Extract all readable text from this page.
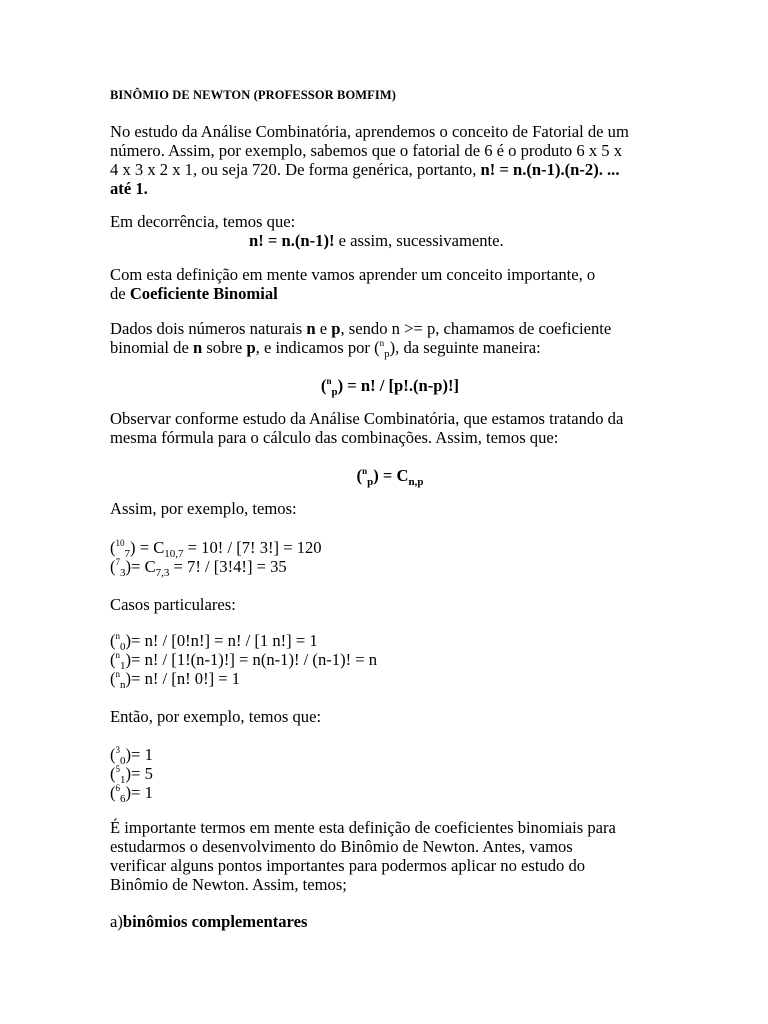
BINÔMIO DE NEWTON (PROFESSOR BOMFIM)
No estudo da Análise Combinatória, aprendemos o conceito de Fatorial de um
número. Assim, por exemplo, sabemos que o fatorial de 6 é o produto 6 x 5 x
4 x 3 x 2 x 1, ou seja 720. De forma genérica, portanto, n! = n.(n-1).(n-2). ...
até 1.
Em decorrência, temos que:
n! = n.(n-1)! e assim, sucessivamente.
Com esta definição em mente vamos aprender um conceito importante, o
de Coeficiente Binomial
Dados dois números naturais n e p, sendo n >= p, chamamos de coeficiente
binomial de n sobre p, e indicamos por ($^n_p$), da seguinte maneira:
($^n_p$) = n! / [p!.(n-p)!]
Observar conforme estudo da Análise Combinatória, que estamos tratando da
mesma fórmula para o cálculo das combinações. Assim, temos que:
$(^n_p) = C_{n,p}$
Assim, por exemplo, temos:
$(^{10}_7) = C_{10,7} = 10$! / [7! 3!] = 120
$(^7_3)= C_{7,3} = 7$! / [3!4!] = 35
Casos particulares:
($^n_0$)= n! / [0!n!] = n! / [1 n!] = 1
($^n_1$)= n! / [1!(n-1)!] = n(n-1)! / (n-1)! = n
($^n_n$)= n! / [n! 0!] = 1
Então, por exemplo, temos que:
($^3_0$)= 1
($^5_1$)= 5
($^6_6$)= 1
É importante termos em mente esta definição de coeficientes binomiais para
estudarmos o desenvolvimento do Binômio de Newton. Antes, vamos
verificar alguns pontos importantes para podermos aplicar no estudo do
Binômio de Newton. Assim, temos;
a)binômios complementares
